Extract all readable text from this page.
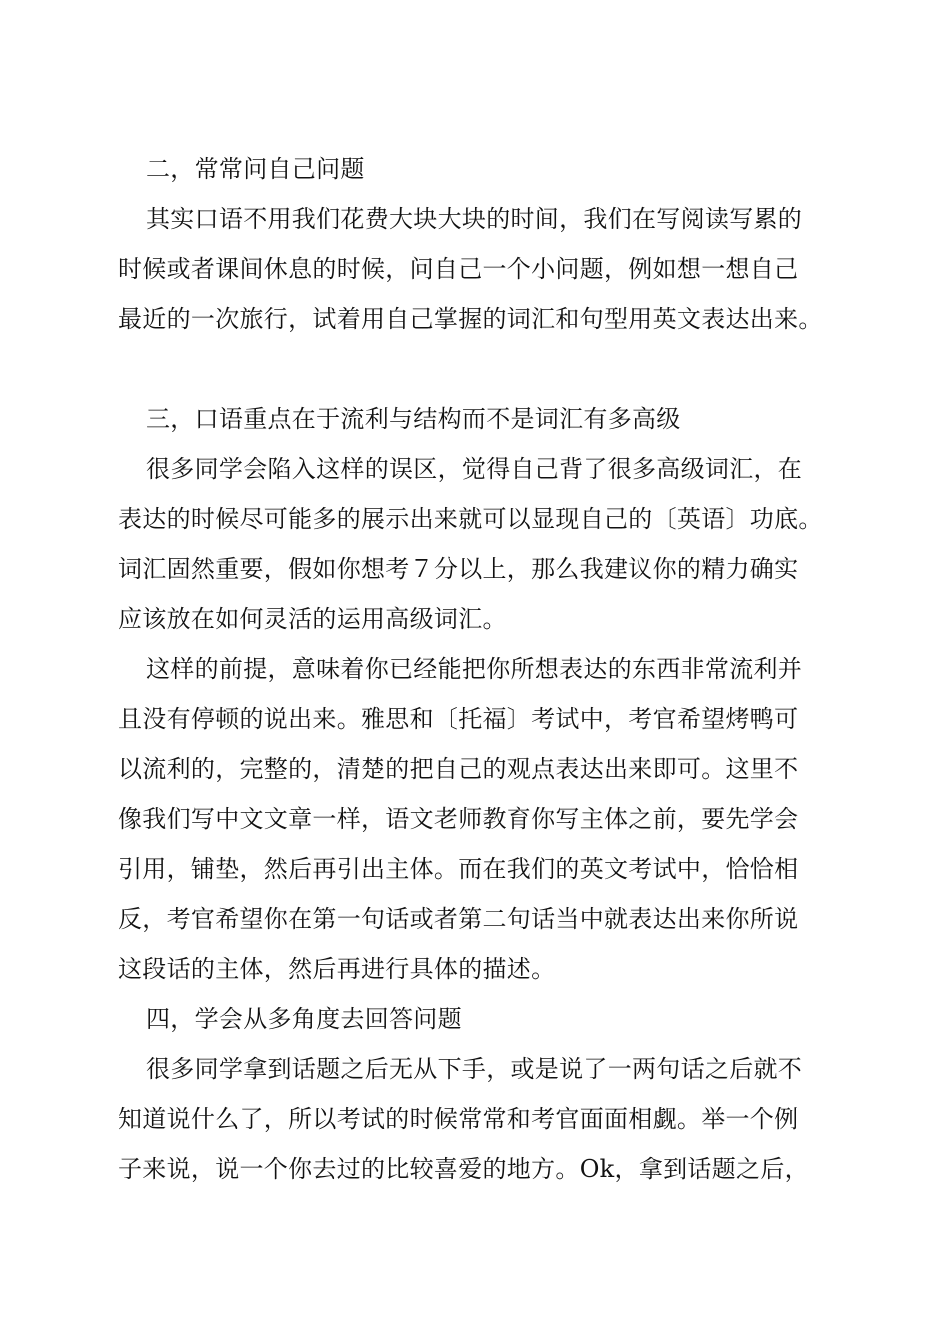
二，常常问自己问题
其实口语不用我们花费大块大块的时间，我们在写阅读写累的
时候或者课间休息的时候，问自己一个小问题，例如想一想自己
最近的一次旅行，试着用自己掌握的词汇和句型用英文表达出来。
三，口语重点在于流利与结构而不是词汇有多高级
很多同学会陷入这样的误区，觉得自己背了很多高级词汇，在
表达的时候尽可能多的展示出来就可以显现自己的〔英语〕功底。
词汇固然重要，假如你想考７分以上，那么我建议你的精力确实
应该放在如何灵活的运用高级词汇。
这样的前提，意味着你已经能把你所想表达的东西非常流利并
且没有停顿的说出来。雅思和〔托福〕考试中，考官希望烤鸭可
以流利的，完整的，清楚的把自己的观点表达出来即可。这里不
像我们写中文文章一样，语文老师教育你写主体之前，要先学会
引用，铺垫，然后再引出主体。而在我们的英文考试中，恰恰相
反，考官希望你在第一句话或者第二句话当中就表达出来你所说
这段话的主体，然后再进行具体的描述。
四，学会从多角度去回答问题
很多同学拿到话题之后无从下手，或是说了一两句话之后就不
知道说什么了，所以考试的时候常常和考官面面相觑。举一个例
子来说，说一个你去过的比较喜爱的地方。Ok，拿到话题之后，
